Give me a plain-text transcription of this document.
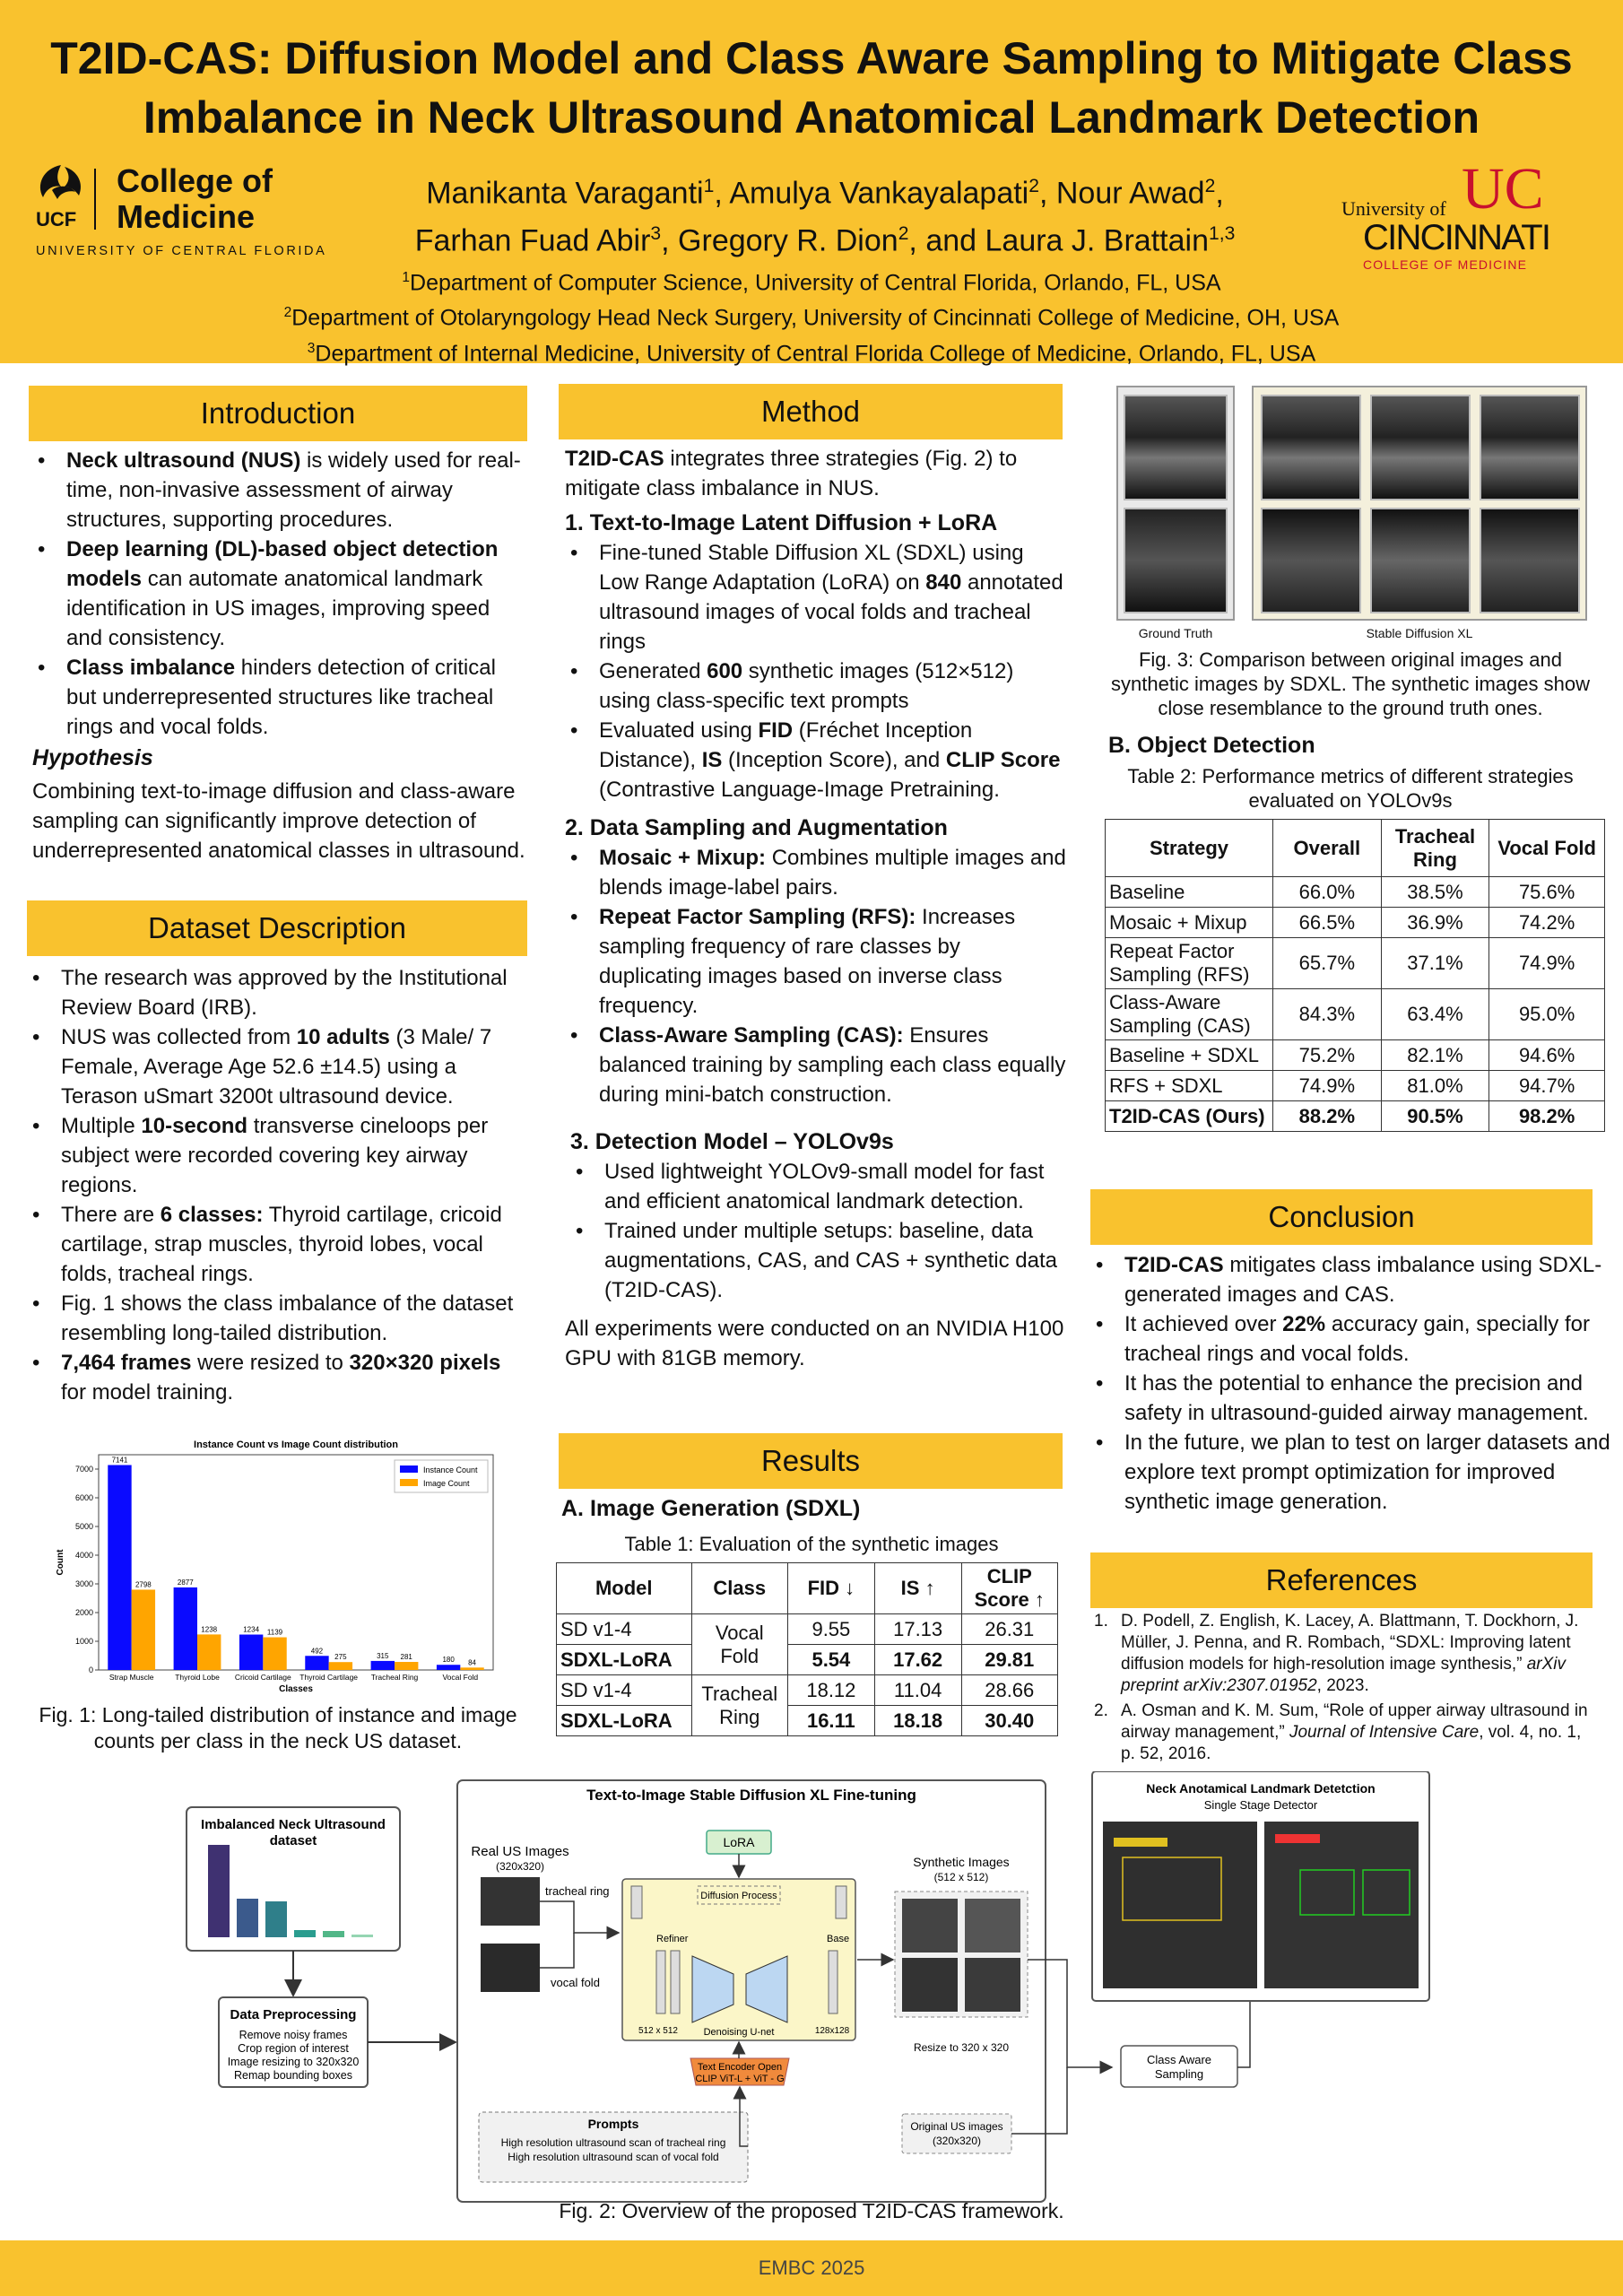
T2ID-CAS: Diffusion Model and Class Aware Sampling to Mitigate Class
Imbalance in Neck Ultrasound Anatomical Landmark Detection
UCF
College of
Medicine
UNIVERSITY OF CENTRAL FLORIDA
Manikanta Varaganti$^1$, Amulya Vankayalapati$^2$, Nour Awad$^2$,
Farhan Fuad Abir$^3$, Gregory R. Dion$^2$, and Laura J. Brattain$^{1,3}$
UC
University of
CINCINNATI
COLLEGE OF MEDICINE
$^1$Department of Computer Science, University of Central Florida, Orlando, FL, USA
$^2$Department of Otolaryngology Head Neck Surgery, University of Cincinnati College of Medicine, OH, USA
$^3$Department of Internal Medicine, University of Central Florida College of Medicine, Orlando, FL, USA
Introduction
• Neck ultrasound (NUS) is widely used for real-time, non-invasive assessment of airway structures, supporting procedures.
• Deep learning (DL)-based object detection models can automate anatomical landmark identification in US images, improving speed and consistency.
• Class imbalance hinders detection of critical but underrepresented structures like tracheal rings and vocal folds.
Hypothesis
Combining text-to-image diffusion and class-aware sampling can significantly improve detection of underrepresented anatomical classes in ultrasound.
Dataset Description
• The research was approved by the Institutional Review Board (IRB).
• NUS was collected from 10 adults (3 Male/ 7 Female, Average Age 52.6 ±14.5) using a Terason uSmart 3200t ultrasound device.
• Multiple 10-second transverse cineloops per subject were recorded covering key airway regions.
• There are 6 classes: Thyroid cartilage, cricoid cartilage, strap muscles, thyroid lobes, vocal folds, tracheal rings.
• Fig. 1 shows the class imbalance of the dataset resembling long-tailed distribution.
• 7,464 frames were resized to 320×320 pixels for model training.
Instance Count vs Image Count distribution
Classes
Count
0
1000
2000
3000
4000
5000
6000
7000
Strap Muscle
7141
2798
Thyroid Lobe
2877
1238
Cricoid Cartilage
1234 1139
Thyroid Cartilage
492
275
Tracheal Ring
315 281
Vocal Fold
180 84
Instance Count
Image Count
Fig. 1: Long-tailed distribution of instance and image counts per class in the neck US dataset.
Method
T2ID-CAS integrates three strategies (Fig. 2) to mitigate class imbalance in NUS.
1. Text-to-Image Latent Diffusion + LoRA
• Fine-tuned Stable Diffusion XL (SDXL) using Low Range Adaptation (LoRA) on 840 annotated ultrasound images of vocal folds and tracheal rings
• Generated 600 synthetic images (512×512) using class-specific text prompts
• Evaluated using FID (Fréchet Inception Distance), IS (Inception Score), and CLIP Score (Contrastive Language-Image Pretraining.
2. Data Sampling and Augmentation
• Mosaic + Mixup: Combines multiple images and blends image-label pairs.
• Repeat Factor Sampling (RFS): Increases sampling frequency of rare classes by duplicating images based on inverse class frequency.
• Class-Aware Sampling (CAS): Ensures balanced training by sampling each class equally during mini-batch construction.
3. Detection Model – YOLOv9s
• Used lightweight YOLOv9-small model for fast and efficient anatomical landmark detection.
• Trained under multiple setups: baseline, data augmentations, CAS, and CAS + synthetic data (T2ID-CAS).
All experiments were conducted on an NVIDIA H100 GPU with 81GB memory.
Results
A. Image Generation (SDXL)
Table 1: Evaluation of the synthetic images
Model	Class	FID ↓	IS ↑	CLIP Score ↑
SD v1-4	Vocal Fold	9.55	17.13	26.31
SDXL-LoRA		5.54	17.62	29.81
SD v1-4	Tracheal Ring	18.12	11.04	28.66
SDXL-LoRA		16.11	18.18	30.40
Ground Truth	Stable Diffusion XL
Fig. 3: Comparison between original images and synthetic images by SDXL. The synthetic images show close resemblance to the ground truth ones.
B. Object Detection
Table 2: Performance metrics of different strategies evaluated on YOLOv9s
Strategy	Overall	Tracheal Ring	Vocal Fold
Baseline	66.0%	38.5%	75.6%
Mosaic + Mixup	66.5%	36.9%	74.2%
Repeat Factor Sampling (RFS)	65.7%	37.1%	74.9%
Class-Aware Sampling (CAS)	84.3%	63.4%	95.0%
Baseline + SDXL	75.2%	82.1%	94.6%
RFS + SDXL	74.9%	81.0%	94.7%
T2ID-CAS (Ours)	88.2%	90.5%	98.2%
Conclusion
• T2ID-CAS mitigates class imbalance using SDXL-generated images and CAS.
• It achieved over 22% accuracy gain, specially for tracheal rings and vocal folds.
• It has the potential to enhance the precision and safety in ultrasound-guided airway management.
• In the future, we plan to test on larger datasets and explore text prompt optimization for improved synthetic image generation.
References
1. D. Podell, Z. English, K. Lacey, A. Blattmann, T. Dockhorn, J. Müller, J. Penna, and R. Rombach, “SDXL: Improving latent diffusion models for high-resolution image synthesis,” arXiv preprint arXiv:2307.01952, 2023.
2. A. Osman and K. M. Sum, “Role of upper airway ultrasound in airway management,” Journal of Intensive Care, vol. 4, no. 1, p. 52, 2016.
Imbalanced Neck Ultrasound dataset
Data Preprocessing
Remove noisy frames
Crop region of interest
Image resizing to 320x320
Remap bounding boxes
Text-to-Image Stable Diffusion XL Fine-tuning
Real US Images
(320x320)
tracheal ring
vocal fold
LoRA
Diffusion Process
Refiner	Base
Denoising U-net
512 x 512	128x128
Text Encoder Open
CLIP ViT-L + ViT - G
Prompts
High resolution ultrasound scan of tracheal ring
High resolution ultrasound scan of vocal fold
Synthetic Images
(512 x 512)
Resize to 320 x 320
Original US images
(320x320)
Class Aware
Sampling
Neck Anotamical Landmark Detetction
Single Stage Detector
Fig. 2: Overview of the proposed T2ID-CAS framework.
EMBC 2025
